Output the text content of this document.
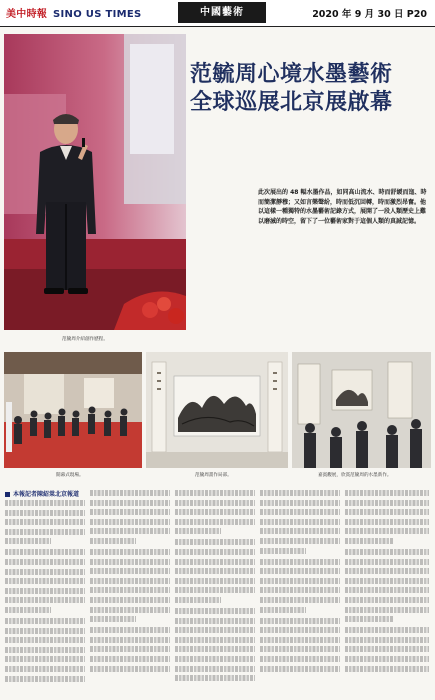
美中時報 SINO US TIMES	中國藝術	2020 年 9 月 30 日 P20
范毓周介紹創作歷程。
范毓周心境水墨藝術
全球巡展北京展啟幕
此次展出的 48 幅水墨作品，如同高山流水、時而舒緩而迤、時而簡潔靜穆；又如言樂聲紛，時而低沉回轉，時而激烈昂奮。他以這樣一種獨特的水墨藝術記錄方式，展開了一段人類歷史上難以磨滅的時空，留下了一位藝術家對于這個人類的真誠記憶。
開幕式現場。	范毓周畫作局部。	嘉賓觀展，欣賞范毓周的水墨新作。
本報記者陳紹棠北京報道
